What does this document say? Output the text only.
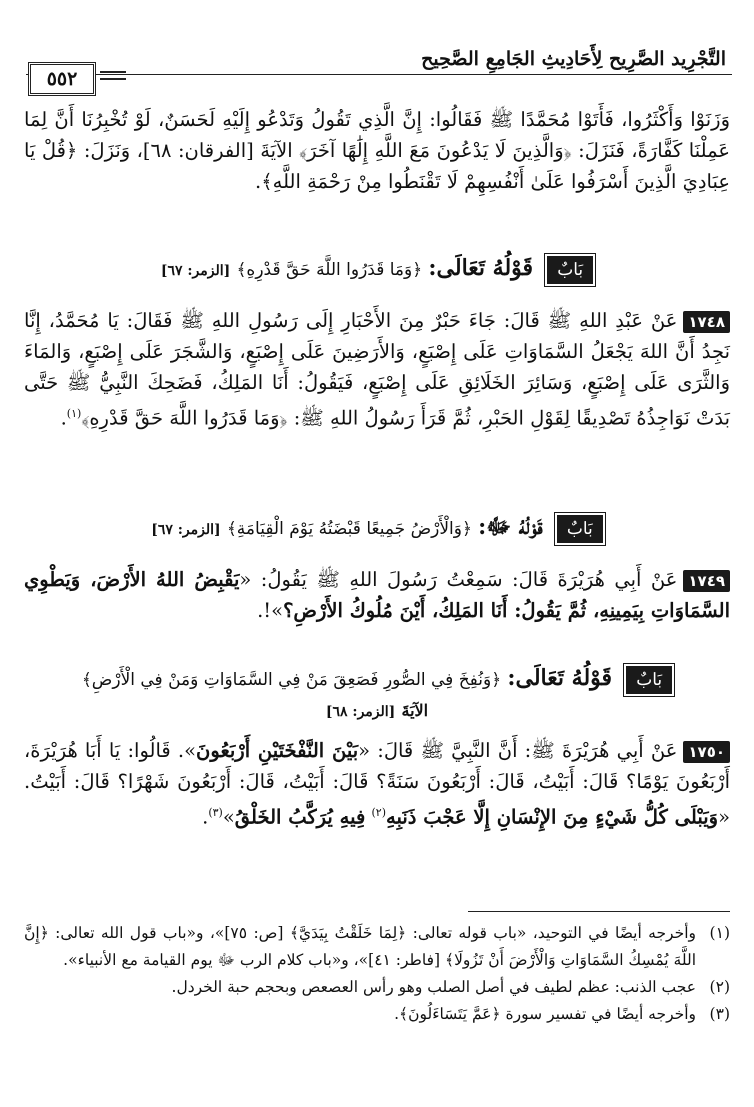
التَّجْرِيد الصَّرِيح لِأَحَادِيثِ الجَامِعِ الصَّحِيح
٥٥٢

وَزَنَوْا وَأَكْثَرُوا، فَأَتَوْا مُحَمَّدًا ﷺ فَقَالُوا: إِنَّ الَّذِي تَقُولُ وَتَدْعُو إِلَيْهِ لَحَسَنٌ، لَوْ تُخْبِرُنَا أَنَّ لِمَا عَمِلْنَا كَفَّارَةً، فَنَزَلَ: ﴿وَالَّذِينَ لَا يَدْعُونَ مَعَ اللَّهِ إِلَٰهًا آخَرَ﴾ الآيَةَ [الفرقان: ٦٨]، وَنَزَلَ: ﴿قُلْ يَا عِبَادِيَ الَّذِينَ أَسْرَفُوا عَلَىٰ أَنْفُسِهِمْ لَا تَقْنَطُوا مِنْ رَحْمَةِ اللَّهِ﴾.

بَابٌ قَوْلُهُ تَعَالَى: ﴿وَمَا قَدَرُوا اللَّهَ حَقَّ قَدْرِهِ﴾ [الزمر: ٦٧]
١٧٤٨عَنْ عَبْدِ اللهِ ﷺ قَالَ: جَاءَ حَبْرٌ مِنَ الأَحْبَارِ إِلَى رَسُولِ اللهِ ﷺ فَقَالَ: يَا مُحَمَّدُ، إِنَّا نَجِدُ أَنَّ اللهَ يَجْعَلُ السَّمَاوَاتِ عَلَى إِصْبَعٍ، وَالأَرَضِينَ عَلَى إِصْبَعٍ، وَالشَّجَرَ عَلَى إِصْبَعٍ، وَالمَاءَ وَالثَّرَى عَلَى إِصْبَعٍ، وَسَائِرَ الخَلَائِقِ عَلَى إِصْبَعٍ، فَيَقُولُ: أَنَا المَلِكُ، فَضَحِكَ النَّبِيُّ ﷺ حَتَّى بَدَتْ نَوَاجِذُهُ تَصْدِيقًا لِقَوْلِ الحَبْرِ، ثُمَّ قَرَأَ رَسُولُ اللهِ ﷺ: ﴿وَمَا قَدَرُوا اللَّهَ حَقَّ قَدْرِهِ﴾$^{(١)}$.
بَابٌ قَوْلُهُ ﷻ: ﴿وَالْأَرْضُ جَمِيعًا قَبْضَتُهُ يَوْمَ الْقِيَامَةِ﴾ [الزمر: ٦٧]
١٧٤٩عَنْ أَبِي هُرَيْرَةَ قَالَ: سَمِعْتُ رَسُولَ اللهِ ﷺ يَقُولُ: «يَقْبِضُ اللهُ الأَرْضَ، وَيَطْوِي السَّمَاوَاتِ بِيَمِينِهِ، ثُمَّ يَقُولُ: أَنَا المَلِكُ، أَيْنَ مُلُوكُ الأَرْضِ؟»!.
بَابٌ قَوْلُهُ تَعَالَى: ﴿وَنُفِخَ فِي الصُّورِ فَصَعِقَ مَنْ فِي السَّمَاوَاتِ وَمَنْ فِي الْأَرْضِ﴾
الآيَةَ [الزمر: ٦٨]
١٧٥٠عَنْ أَبِي هُرَيْرَةَ ﷺ: أَنَّ النَّبِيَّ ﷺ قَالَ: «بَيْنَ النَّفْخَتَيْنِ أَرْبَعُونَ». قَالُوا: يَا أَبَا هُرَيْرَةَ، أَرْبَعُونَ يَوْمًا؟ قَالَ: أَبَيْتُ، قَالَ: أَرْبَعُونَ سَنَةً؟ قَالَ: أَبَيْتُ، قَالَ: أَرْبَعُونَ شَهْرًا؟ قَالَ: أَبَيْتُ. «وَيَبْلَى كُلُّ شَيْءٍ مِنَ الإِنْسَانِ إِلَّا عَجْبَ ذَنَبِهِ$^{(٢)}$ فِيهِ يُرَكَّبُ الخَلْقُ»$^{(٣)}$.
(١)
وأخرجه أيضًا في التوحيد، «باب قوله تعالى: ﴿لِمَا خَلَقْتُ بِيَدَيَّ﴾ [ص: ٧٥]»، و«باب قول الله تعالى: ﴿إِنَّ اللَّهَ يُمْسِكُ السَّمَاوَاتِ وَالْأَرْضَ أَنْ تَزُولَا﴾ [فاطر: ٤١]»، و«باب كلام الرب ﷻ يوم القيامة مع الأنبياء».
(٢)
عجب الذنب: عظم لطيف في أصل الصلب وهو رأس العصعص وبحجم حبة الخردل.
(٣)
وأخرجه أيضًا في تفسير سورة ﴿عَمَّ يَتَسَاءَلُونَ﴾.
